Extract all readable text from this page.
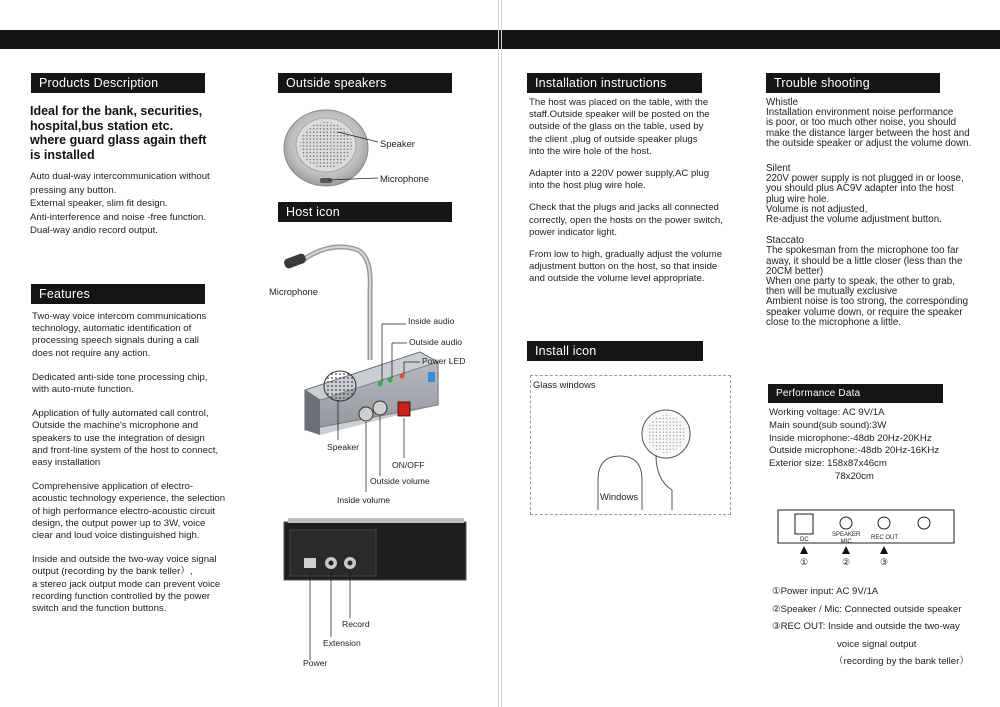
Products Description

Ideal for the bank, securities,

hospital,bus station etc.

where guard glass again theft

is installed

Auto dual-way intercommunication without

pressing any button.

External speaker, slim fit design.

Anti-interference and noise -free function.

Dual-way andio record output.

Features

Two-way voice intercom communications

technology, automatic identification of

processing speech signals during a call

does not require any action.

Dedicated anti-side tone processing chip,

with auto-mute function.

Application of fully automated call control,

Outside the machine's microphone and

speakers to use the integration of design

and front-line system of the host to connect,

easy installation

Comprehensive application of electro-

acoustic technology experience, the selection

of high performance electro-acoustic circuit

design, the output power up to 3W, voice

clear and loud voice distinguished high.

Inside and outside the two-way voice signal

output (recording by the bank teller）,

a stereo jack output mode can prevent voice

recording function controlled by the power

switch and the function buttons.

Outside speakers
Speaker
Microphone
Host icon
Microphone
Inside audio
Outside audio
Power LED
Speaker
ON/OFF
Outside volume
Inside volume
Record
Extension
Power
Installation instructions

The host was placed on the table, with the

staff.Outside speaker will be posted on the

outside of the glass on the table, used by

the client ,plug of outside speaker plugs

into the wire hole of the host.

Adapter into a 220V power supply,AC plug

into the host plug wire hole.

Check that the plugs and jacks all connected

correctly, open the hosts on the power switch,

power indicator light.

From low to high, gradually adjust the volume

adjustment button on the host, so that inside

and outside the volume level appropriate.

Install icon
Glass windows
Windows
Trouble shooting

Whistle

Installation environment noise performance

is poor, or too much other noise, you should

make the distance larger between the host and

the outside speaker or adjust the volume down.

Silent

220V power supply is not plugged in or loose,

you should plus AC9V adapter into the host

plug wire hole.

Volume is not adjusted,

Re-adjust the volume adjustment button.

Staccato

The spokesman from the microphone too far

away, it should be a little closer (less than the

20CM better)

When one party to speak, the other to grab,

then will be mutually exclusive

Ambient noise is too strong, the corresponding

speaker volume down, or require the speaker

close to the microphone a little.

Performance Data

Working voltage: AC 9V/1A

Main sound(sub sound):3W

Inside microphone:-48db 20Hz-20KHz

Outside microphone:-48db 20Hz-16KHz

Exterior size: 158x87x46cm

78x20cm

DC
SPEAKER
MIC
REC OUT
①	②	③

①Power input: AC 9V/1A

②Speaker / Mic: Connected outside speaker

③REC OUT: Inside and outside the two-way

voice signal output

（recording by the bank teller）
